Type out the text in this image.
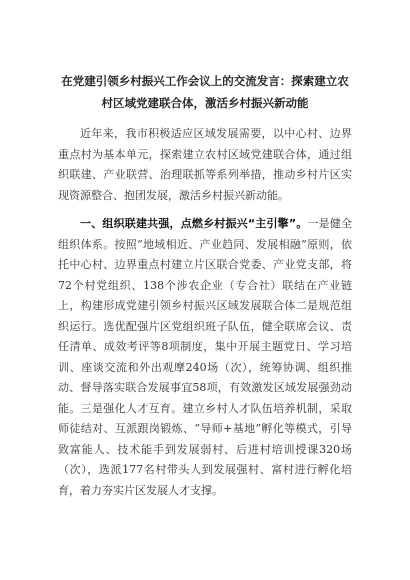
在党建引领乡村振兴工作会议上的交流发言：探索建立农
村区域党建联合体，激活乡村振兴新动能

近年来，我市积极适应区域发展需要，以中心村、边界重点村为基本单元，探索建立农村区域党建联合体，通过组织联建、产业联营、治理联抓等系列举措，推动乡村片区实现资源整合、抱团发展，激活乡村振兴新动能。

一、组织联建共强，点燃乡村振兴“主引擎”。一是健全组织体系。按照“地域相近、产业趋同、发展相融”原则，依托中心村、边界重点村建立片区联合党委、产业党支部，将72个村党组织、138个涉农企业（专合社）联结在产业链上，构建形成党建引领乡村振兴区域发展联合体二是规范组织运行。选优配强片区党组织班子队伍，健全联席会议、责任清单、成效考评等8项制度，集中开展主题党日、学习培训、座谈交流和外出观摩240场（次），统筹协调、组织推动、督导落实联合发展事宜58项，有效激发区域发展强劲动能。三是强化人才互育。建立乡村人才队伍培养机制，采取师徒结对、互派跟岗锻炼、“导师+基地”孵化等模式，引导致富能人、技术能手到发展弱村、后进村培训授课320场（次），选派177名村带头人到发展强村、富村进行孵化培育，着力夯实片区发展人才支撑。
